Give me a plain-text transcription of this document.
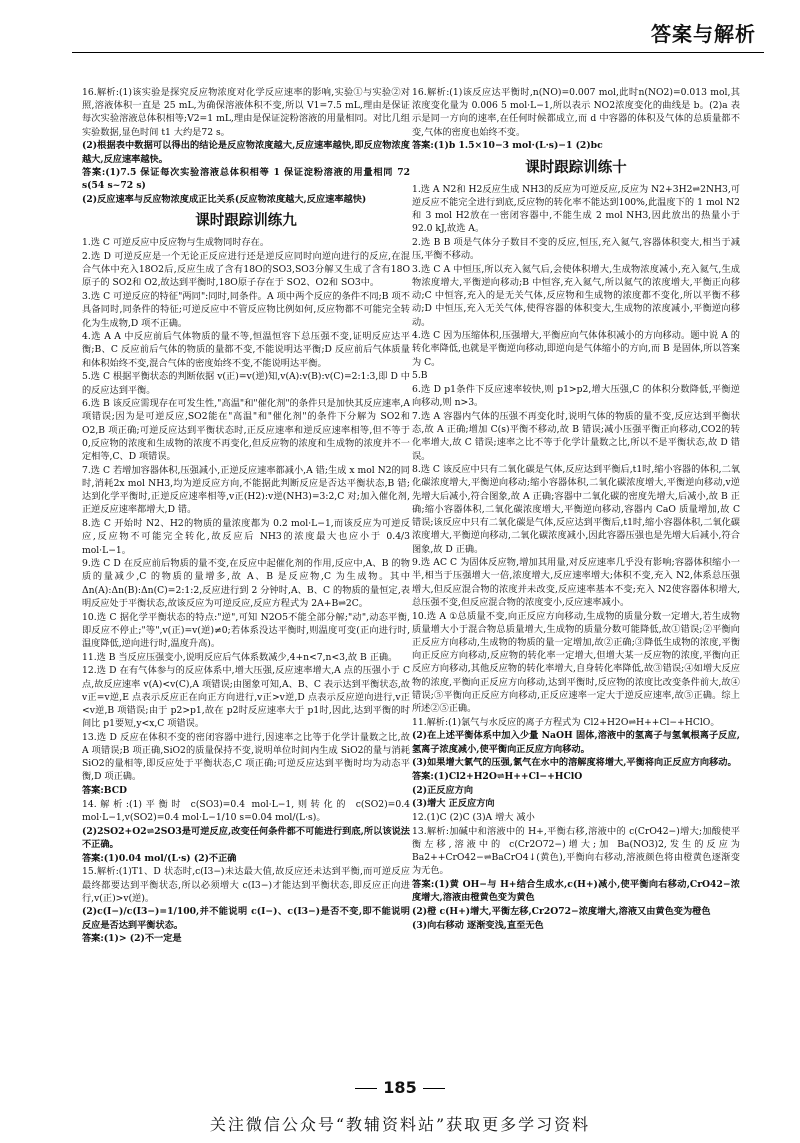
答案与解析

16.解析:(1)该实验是探究反应物浓度对化学反应速率的影响,实验①与实验②对照,溶液体积一直是 25 mL,为确保溶液体积不变,所以 V1=7.5 mL,理由是保证每次实验溶液总体积相等;V2=1 mL,理由是保证淀粉溶液的用量相同。对比几组实验数据,显色时间 t1 大约是72 s。

(2)根据表中数据可以得出的结论是反应物浓度越大,反应速率越快,即反应物浓度越大,反应速率越快。

答案:(1)7.5 保证每次实验溶液总体积相等 1 保证淀粉溶液的用量相同 72 s(54 s~72 s)

(2)反应速率与反应物浓度成正比关系(反应物浓度越大,反应速率越快)

课时跟踪训练九

1.选 C 可逆反应中反应物与生成物同时存在。

2.选 D 可逆反应是一个无论正反应进行还是逆反应同时向逆向进行的反应,在混合气体中充入18O2后,反应生成了含有18O的SO3,SO3分解又生成了含有18O原子的 SO2和 O2,故达到平衡时,18O原子存在于 SO2、O2和 SO3中。

3.选 C 可逆反应的特征"两同":同时,同条件。A 项中两个反应的条件不同;B 项不具备同时,同条件的特征;可逆反应中不管反应物比例如何,反应物都不可能完全转化为生成物,D 项不正确。

4.选 A A 中反应前后气体物质的量不等,恒温恒容下总压强不变,证明反应达平衡;B、C 反应前后气体的物质的量都不变,不能说明达平衡;D 反应前后气体质量和体积始终不变,混合气体的密度始终不变,不能说明达平衡。

5.选 C 根据平衡状态的判断依据 v(正)=v(逆)知,v(A):v(B):v(C)=2:1:3,即 D 中的反应达到平衡。

6.选 B 该反应需现存在可发生性,"高温"和"催化剂"的条件只是加快其反应速率,A 项错误;因为是可逆反应,SO2能在"高温"和"催化剂"的条件下分解为 SO2和 O2,B 项正确;可逆反应达到平衡状态时,正反应速率和逆反应速率相等,但不等于 0,反应物的浓度和生成物的浓度不再变化,但反应物的浓度和生成物的浓度并不一定相等,C、D 项错误。

7.选 C 若增加容器体积,压强减小,正逆反应速率都减小,A 错;生成 x mol N2的同时,消耗2x mol NH3,均为逆反应方向,不能据此判断反应是否达平衡状态,B 错;达到化学平衡时,正逆反应速率相等,v正(H2):v逆(NH3)=3:2,C 对;加入催化剂,正逆反应速率都增大,D 错。

8.选 C 开始时 N2、H2的物质的量浓度都为 0.2 mol·L−1,而该反应为可逆反应,反应物不可能完全转化,故反应后 NH3的浓度最大也应小于 0.4/3 mol·L−1。

9.选 C D 在反应前后物质的量不变,在反应中起催化剂的作用,反应中,A、B 的物质的量减少,C 的物质的量增多,故 A、B 是反应物,C 为生成物。其中 Δn(A):Δn(B):Δn(C)=2:1:2,反应进行到 2 分钟时,A、B、C 的物质的量恒定,表明反应处于平衡状态,故该反应为可逆反应,反应方程式为 2A+B⇌2C。

10.选 C 据化学平衡状态的特点:"逆",可知 N2O5不能全部分解;"动",动态平衡,即反应不停止;"等",v(正)=v(逆)≠0;若体系没达平衡时,则温度可变(正向进行时,温度降低,逆向进行时,温度升高)。

11.选 B 当反应压强变小,说明反应后气体系数减少,4+n<7,n<3,故 B 正确。

12.选 D 在有气体参与的反应体系中,增大压强,反应速率增大,A 点的压强小于 C 点,故反应速率 v(A)<v(C),A 项错误;由图象可知,A、B、C 表示达到平衡状态,故 v正=v逆,E 点表示反应正在向正方向进行,v正>v逆,D 点表示反应逆向进行,v正<v逆,B 项错误;由于 p2>p1,故在 p2时反应速率大于 p1时,因此,达到平衡的时间比 p1要短,y<x,C 项错误。

13.选 D 反应在体积不变的密闭容器中进行,因速率之比等于化学计量数之比,故 A 项错误;B 项正确,SiO2的质量保持不变,说明单位时间内生成 SiO2的量与消耗 SiO2的量相等,即反应处于平衡状态,C 项正确;可逆反应达到平衡时均为动态平衡,D 项正确。

答案:BCD

14.解析:(1)平衡时 c(SO3)=0.4 mol·L−1,则转化的 c(SO2)=0.4 mol·L−1,v(SO2)=0.4 mol·L−1/10 s=0.04 mol/(L·s)。

(2)2SO2+O2⇌2SO3是可逆反应,改变任何条件都不可能进行到底,所以该说法不正确。

答案:(1)0.04 mol/(L·s) (2)不正确

15.解析:(1)T1、D 状态时,c(I3−)未达最大值,故反应还未达到平衡,而可逆反应最终都要达到平衡状态,所以必须增大 c(I3−)才能达到平衡状态,即反应正向进行,v(正)>v(逆)。

(2)c(I−)/c(I3−)=1/100,并不能说明 c(I−)、c(I3−)是否不变,即不能说明反应是否达到平衡状态。

答案:(1)> (2)不一定是

16.解析:(1)该反应达平衡时,n(NO)=0.007 mol,此时n(NO2)=0.013 mol,其浓度变化量为 0.006 5 mol·L−1,所以表示 NO2浓度变化的曲线是 b。(2)a 表示是同一方向的速率,在任何时候都成立,而 d 中容器的体积及气体的总质量都不变,气体的密度也始终不变。

答案:(1)b 1.5×10−3 mol·(L·s)−1 (2)bc

课时跟踪训练十

1.选 A N2和 H2反应生成 NH3的反应为可逆反应,反应为 N2+3H2⇌2NH3,可逆反应不能完全进行到底,反应物的转化率不能达到100%,此温度下的 1 mol N2和 3 mol H2放在一密闭容器中,不能生成 2 mol NH3,因此放出的热量小于 92.0 kJ,故选 A。

2.选 B B 项是气体分子数目不变的反应,恒压,充入氦气,容器体积变大,相当于减压,平衡不移动。

3.选 C A 中恒压,所以充入氦气后,会使体积增大,生成物浓度减小,充入氦气,生成物浓度增大,平衡逆向移动;B 中恒容,充入氦气,所以氦气的浓度增大,平衡正向移动;C 中恒容,充入的是无关气体,反应物和生成物的浓度都不变化,所以平衡不移动;D 中恒压,充入无关气体,使得容器的体积变大,生成物的浓度减小,平衡逆向移动。

4.选 C 因为压缩体积,压强增大,平衡应向气体体积减小的方向移动。题中说 A 的转化率降低,也就是平衡逆向移动,即逆向是气体缩小的方向,而 B 是固体,所以答案为 C。

5.B

6.选 D p1条件下反应速率较快,则 p1>p2,增大压强,C 的体积分数降低,平衡逆向移动,则 n>3。

7.选 A 容器内气体的压强不再变化时,说明气体的物质的量不变,反应达到平衡状态,故 A 正确;增加 C(s)平衡不移动,故 B 错误;减小压强平衡正向移动,CO2的转化率增大,故 C 错误;速率之比不等于化学计量数之比,所以不是平衡状态,故 D 错误。

8.选 C 该反应中只有二氧化碳是气体,反应达到平衡后,t1时,缩小容器的体积,二氧化碳浓度增大,平衡逆向移动;缩小容器体积,二氧化碳浓度增大,平衡逆向移动,v逆先增大后减小,符合图象,故 A 正确;容器中二氧化碳的密度先增大,后减小,故 B 正确;缩小容器体积,二氧化碳浓度增大,平衡逆向移动,容器内 CaO 质量增加,故 C 错误;该反应中只有二氧化碳是气体,反应达到平衡后,t1时,缩小容器体积,二氧化碳浓度增大,平衡逆向移动,二氧化碳浓度减小,因此容器压强也是先增大后减小,符合图象,故 D 正确。

9.选 AC C 为固体反应物,增加其用量,对反应速率几乎没有影响;容器体积缩小一半,相当于压强增大一倍,浓度增大,反应速率增大;体积不变,充入 N2,体系总压强增大,但反应混合物的浓度并未改变,反应速率基本不变;充入 N2使容器体积增大,总压强不变,但反应混合物的浓度变小,反应速率减小。

10.选 A ①总质量不变,向正反应方向移动,生成物的质量分数一定增大,若生成物质量增大小于混合物总质量增大,生成物的质量分数可能降低,故①错误;②平衡向正反应方向移动,生成物的物质的量一定增加,故②正确;③降低生成物的浓度,平衡向正反应方向移动,反应物的转化率一定增大,但增大某一反应物的浓度,平衡向正反应方向移动,其他反应物的转化率增大,自身转化率降低,故③错误;④如增大反应物的浓度,平衡向正反应方向移动,达到平衡时,反应物的浓度比改变条件前大,故④错误;⑤平衡向正反应方向移动,正反应速率一定大于逆反应速率,故⑤正确。综上所述②⑤正确。

11.解析:(1)氯气与水反应的离子方程式为 Cl2+H2O⇌H++Cl−+HClO。

(2)在上述平衡体系中加入少量 NaOH 固体,溶液中的氢离子与氢氧根离子反应,氢离子浓度减小,使平衡向正反应方向移动。

(3)如果增大氯气的压强,氯气在水中的溶解度将增大,平衡将向正反应方向移动。

答案:(1)Cl2+H2O⇌H++Cl−+HClO

(2)正反应方向

(3)增大 正反应方向

12.(1)C (2)C (3)A 增大 减小

13.解析:加碱中和溶液中的 H+,平衡右移,溶液中的 c(CrO42−)增大;加酸使平衡左移,溶液中的 c(Cr2O72−)增大;加 Ba(NO3)2,发生的反应为 Ba2++CrO42−⇌BaCrO4↓(黄色),平衡向右移动,溶液颜色将由橙黄色逐渐变为无色。

答案:(1)黄 OH−与 H+结合生成水,c(H+)减小,使平衡向右移动,CrO42−浓度增大,溶液由橙黄色变为黄色

(2)橙 c(H+)增大,平衡左移,Cr2O72−浓度增大,溶液又由黄色变为橙色

(3)向右移动 逐渐变浅,直至无色

185
关注微信公众号“教辅资料站”获取更多学习资料
